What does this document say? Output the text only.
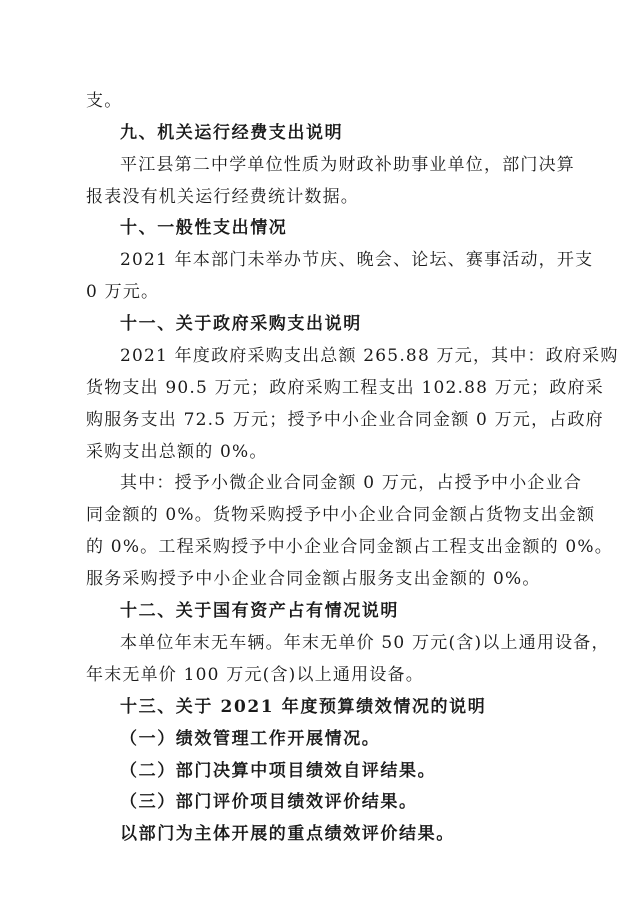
支。
九、机关运行经费支出说明
平江县第二中学单位性质为财政补助事业单位，部门决算
报表没有机关运行经费统计数据。
十、一般性支出情况
2021 年本部门未举办节庆、晚会、论坛、赛事活动，开支
0 万元。
十一、关于政府采购支出说明
2021 年度政府采购支出总额 265.88 万元，其中：政府采购
货物支出 90.5 万元；政府采购工程支出 102.88 万元；政府采
购服务支出 72.5 万元；授予中小企业合同金额 0 万元，占政府
采购支出总额的 0%。
其中：授予小微企业合同金额 0 万元，占授予中小企业合
同金额的 0%。货物采购授予中小企业合同金额占货物支出金额
的 0%。工程采购授予中小企业合同金额占工程支出金额的 0%。
服务采购授予中小企业合同金额占服务支出金额的 0%。
十二、关于国有资产占有情况说明
本单位年末无车辆。年末无单价 50 万元(含)以上通用设备，
年末无单价 100 万元(含)以上通用设备。
十三、关于 2021 年度预算绩效情况的说明
（一）绩效管理工作开展情况。
（二）部门决算中项目绩效自评结果。
（三）部门评价项目绩效评价结果。
以部门为主体开展的重点绩效评价结果。
